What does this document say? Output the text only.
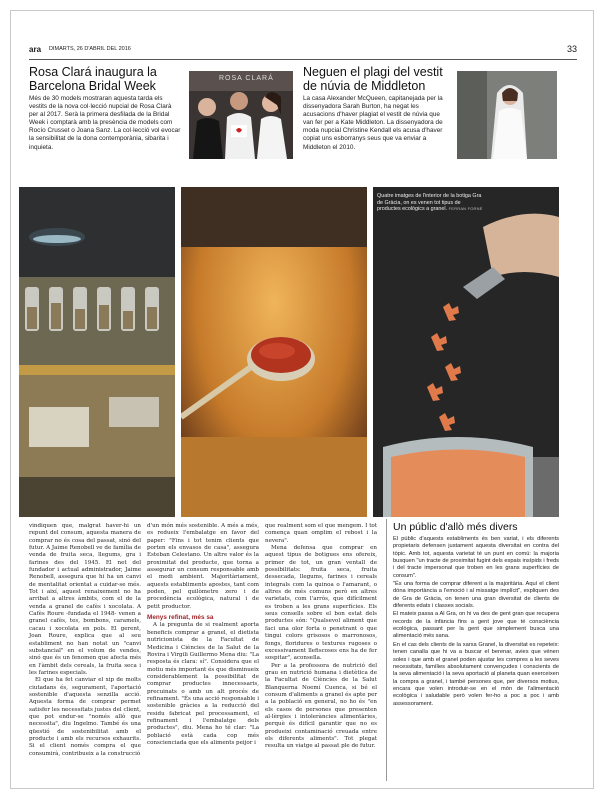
ara DIMARTS, 26 D'ABRIL DEL 2016	33
Rosa Clará inaugura la Barcelona Bridal Week

Més de 30 models mostraran aquesta tarda els vestits de la nova col·lecció nupcial de Rosa Clarà per al 2017. Serà la primera desfilada de la Bridal Week i comptarà amb la presència de models com Rocío Crusset o Joana Sanz. La col·lecció vol evocar la sensibilitat de la dona contemporània, sibarita i inquieta.

ROSA CLARÁ Neguen el plagi del vestit de núvia de Middleton

La casa Alexander McQueen, capitanejada per la dissenyadora Sarah Burton, ha negat les acusacions d'haver plagiat el vestit de núvia que van fer per a Kate Middleton. La dissenyadora de moda nupcial Christine Kendall els acusa d'haver copiat uns esborranys seus que va enviar a Middleton el 2010.

Quatre imatges de l'interior de la botiga Gra de Gràcia, on es venen tot tipus de productes ecològics a granel. FERRAN FORNÉ

vindiquen que, malgrat haver-hi un repunt del consum, aquesta manera de comprar no és cosa del passat, sinó del futur. A Jaime Renobell ve de família de venda de fruita seca, llegums, gra i farines des del 1945. El net del fundador i actual administrador, Jaime Renobell, assegura que hi ha un canvi de mentalitat orientat a cuidar-se més. Tot i així, aquest renaixement no ha arribat a altres àmbits, com el de la venda a granel de cafès i xocolata. A Cafès Roure -fundada el 1948- venen a granel cafès, tes, bombons, caramels, cacau i xocolata en pols. El gerent, Joan Roure, explica que al seu establiment no han notat un "canvi substancial" en el volum de vendes, sinó que és un fenomen que afecta més en l'àmbit dels cereals, la fruita seca i les farines especials.

El que ha fet canviar el xip de molts ciutadans és, segurament, l'aportació sostenible d'aquesta senzilla acció. Aquesta forma de comprar permet satisfer les necessitats justes del client, que pot endur-se "només allò que necessita", diu Ingelmo. També és una qüestió de sostenibilitat amb el producte i amb els recursos exhaurits. Si el client només compra el que consumirà, contribueix a la construcció

d'un món més sostenible. A més a més, es redueix l'embalatge en favor del paper: "Fins i tot tenim clients que porten els envasos de casa", assegura Esteban Celestano. Un altre valor és la proximitat del producte, que torna a assegurar un consum responsable amb el medi ambient. Majoritàriament, aquests establiments apostes, tant com poden, pel quilòmetre zero i de procedència ecològica, natural i de petit productor.

Menys refinat, més sa

A la pregunta de si realment aporta beneficis comprar a granel, el dietista nutricionista de la Facultat de Medicina i Ciències de la Salut de la Rovira i Virgili Guillermo Mena diu: "La resposta és clara: sí". Considera que el motiu més important és que disminueix considerablement la possibilitat de comprar productes innecessaris, precuinats o amb un alt procés de refinament. "És una acció responsable i sostenible gràcies a la reducció del residu fabricat pel processament, el refinament i l'embalatge dels productes", diu. Mena ho té clar: "La població està cada cop més conscienciada que els aliments peijor i

que realment som el que mengem. I tot comença quan omplim el rebost i la nevera".

Mena defensa que comprar en aquest tipus de botigues ens ofereix, primer de tot, un gran ventall de possibilitats: fruita seca, fruita dessecada, llegums, farines i cereals integrals com la quinoa o l'amarant, o altres de més comuns però en altres varietats, com l'arròs, que difícilment es troben a les grans superfícies. Els seus consells sobre el bon estat dels productes són: "Qualsevol aliment que faci una olor forta o penetrant o que tingui colors grisosos o marronosos, fongs, floridures o textures rugoses o excessivament llefiscoses ens ha de fer sospitar", aconsella.

Per a la professora de nutrició del grau en nutrició humana i dietètica de la Facultat de Ciències de la Salut Blanquerna Noemí Cuenca, si bé el consum d'aliments a granel és apte per a la població en general, no ho és "en els casos de persones que presenten al·lèrgies i intoleràncies alimentàries, perquè és difícil garantir que no es produeixi contaminació creuada entre els diferents aliments". Tot plegat resulta un viatge al passat ple de futur.

Un públic d'allò més divers

El públic d'aquests establiments és ben variat, i els diferents propietaris defensen justament aquesta diversitat en contra del tòpic. Amb tot, aquesta varietat té un punt en comú: la majoria busquen "un tracte de proximitat fugint dels espais insípids i freds i del tracte impersonal que troben en les grans superfícies de consum".

"És una forma de comprar diferent a la majoritària. Aquí el client dóna importància a l'emoció i al missatge implícit", expliquen des de Gra de Gràcia, on tenen una gran diversitat de clients de diferents edats i classes socials.

El mateix passa a Al Gra, on hi va des de gent gran que recupera records de la infància fins a gent jove que té consciència ecològica, passant per la gent que simplement busca una alimentació més sana.

En el cas dels clients de la xarxa Granel, la diversitat es repeteix: tenen canalla que hi va a buscar el berenar, avies que vénen soles i que amb el granel poden ajustar les compres a les seves necessitats, famílies absolutament convençudes i conscients de la seva alimentació i la seva aportació al planeta quan exerceixen la compra a granel, i també persones que, per diversos motius, encara que volen introduir-se en el món de l'alimentació ecològica i saludable però volen fer-ho a poc a poc i amb assessorament.
